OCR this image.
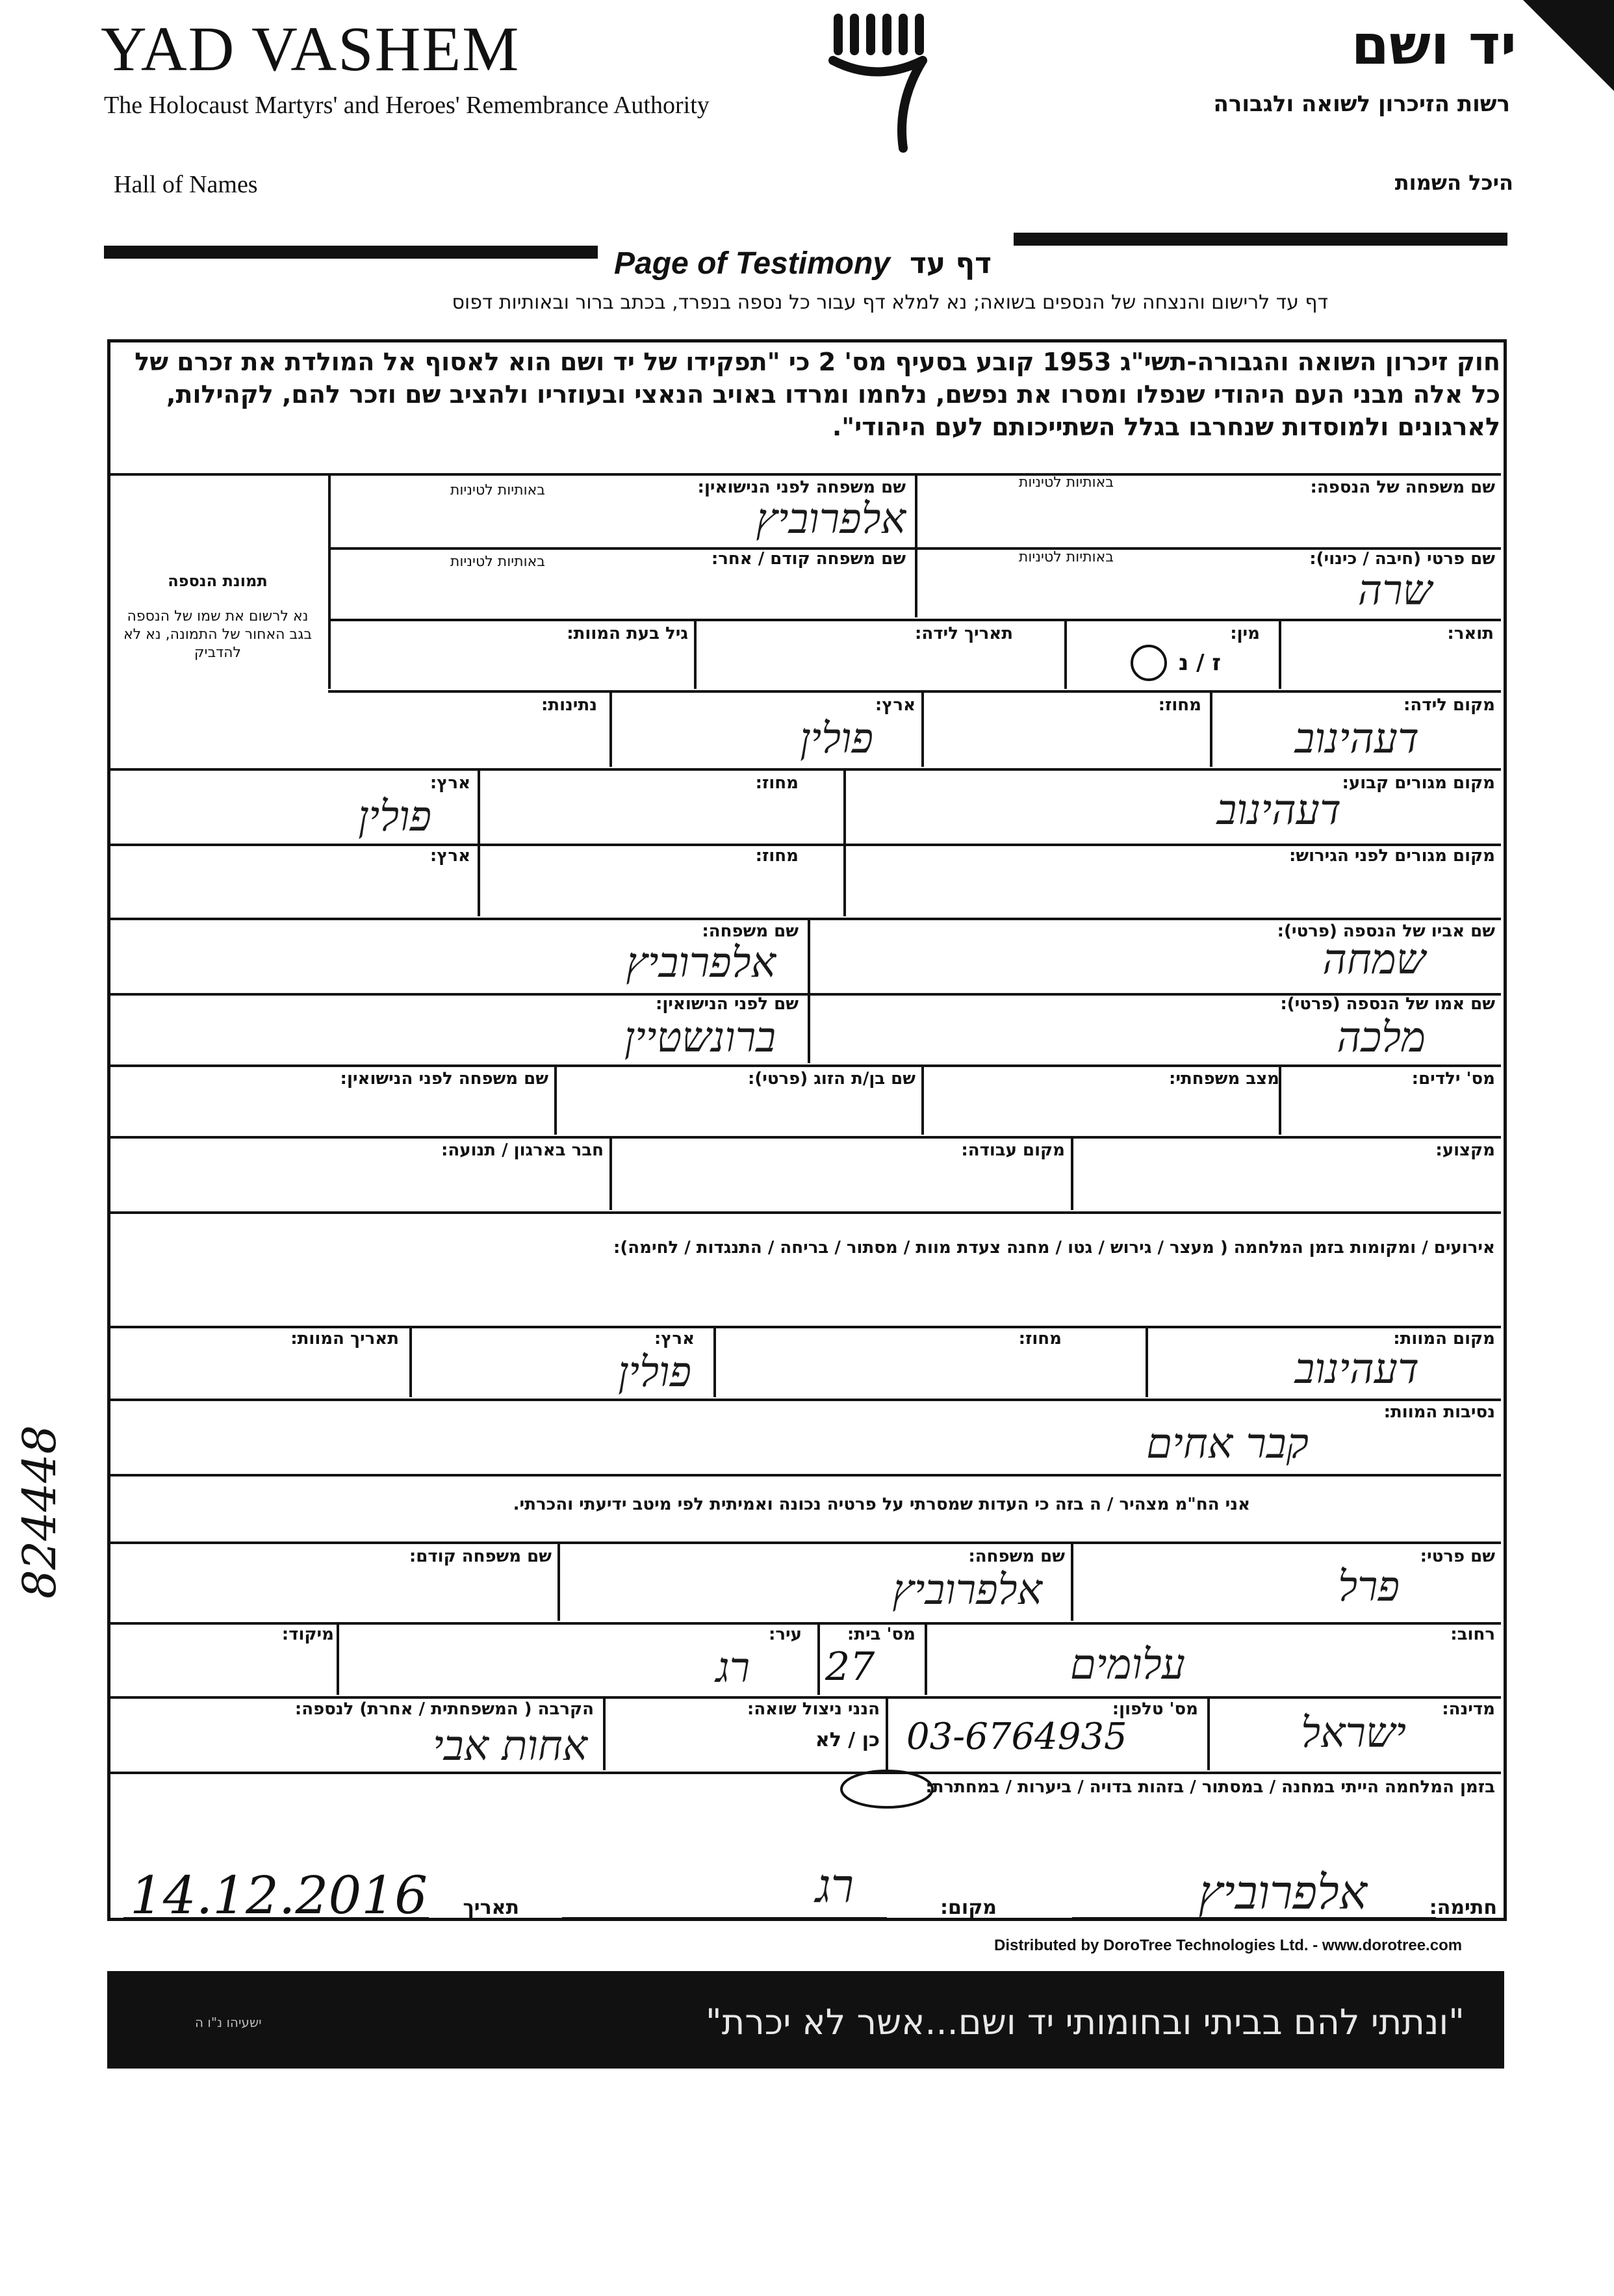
YAD VASHEM
The Holocaust Martyrs' and Heroes' Remembrance Authority
Hall of Names
יד ושם
רשות הזיכרון לשואה ולגבורה
היכל השמות
Page of Testimony דף עד
דף עד לרישום והנצחה של הנספים בשואה; נא למלא דף עבור כל נספה בנפרד, בכתב ברור ובאותיות דפוס
חוק זיכרון השואה והגבורה-תשי"ג 1953 קובע בסעיף מס' 2 כי "תפקידו של יד ושם הוא לאסוף אל המולדת את זכרם של
כל אלה מבני העם היהודי שנפלו ומסרו את נפשם, נלחמו ומרדו באויב הנאצי ובעוזריו ולהציב שם וזכר להם, לקהילות,
לארגונים ולמוסדות שנחרבו בגלל השתייכותם לעם היהודי".
תמונת הנספה
נא לרשום את שמו של הנספה בגב האחור של התמונה, נא לא להדביק
שם משפחה של הנספה:
באותיות לטיניות
שם משפחה לפני הנישואין:
באותיות לטיניות
אלפרוביץ
שם פרטי (חיבה / כינוי):
באותיות לטיניות
שרה
שם משפחה קודם / אחר:
באותיות לטיניות
תואר:
מין:
ז / נ
תאריך לידה:
גיל בעת המוות:
מקום לידה:
דעהינוב
מחוז:
ארץ:
פולין
נתינות:
מקום מגורים קבוע:
דעהינוב
מחוז:
ארץ:
פולין
מקום מגורים לפני הגירוש:
מחוז:
ארץ:
שם אביו של הנספה (פרטי):
שמחה
שם משפחה:
אלפרוביץ
שם אמו של הנספה (פרטי):
מלכה
שם לפני הנישואין:
ברונשטיין
מס' ילדים:
מצב משפחתי:
שם בן/ת הזוג (פרטי):
שם משפחה לפני הנישואין:
מקצוע:
מקום עבודה:
חבר בארגון / תנועה:
אירועים / ומקומות בזמן המלחמה ( מעצר / גירוש / גטו / מחנה צעדת מוות / מסתור / בריחה / התנגדות / לחימה):
מקום המוות:
דעהינוב
מחוז:
ארץ:
פולין
תאריך המוות:
נסיבות המוות:
קבר אחים
אני הח"מ מצהיר / ה בזה כי העדות שמסרתי על פרטיה נכונה ואמיתית לפי מיטב ידיעתי והכרתי.
שם פרטי:
פרל
שם משפחה:
אלפרוביץ
שם משפחה קודם:
רחוב:
עלומים
מס' בית:
27
עיר:
רג
מיקוד:
מדינה:
ישראל
מס' טלפון:
03-6764935
הנני ניצול שואה:
כן / לא
הקרבה ( המשפחתית / אחרת) לנספה:
אחות אבי
בזמן המלחמה הייתי במחנה / במסתור / בזהות בדויה / ביערות / במחתרת:
חתימה:
אלפרוביץ
מקום:
רג
תאריך
14.12.2016
Distributed by DoroTree Technologies Ltd. - www.dorotree.com
"ונתתי להם בביתי ובחומותי יד ושם...אשר לא יכרת"
ישעיהו נ"ו ה
824448
